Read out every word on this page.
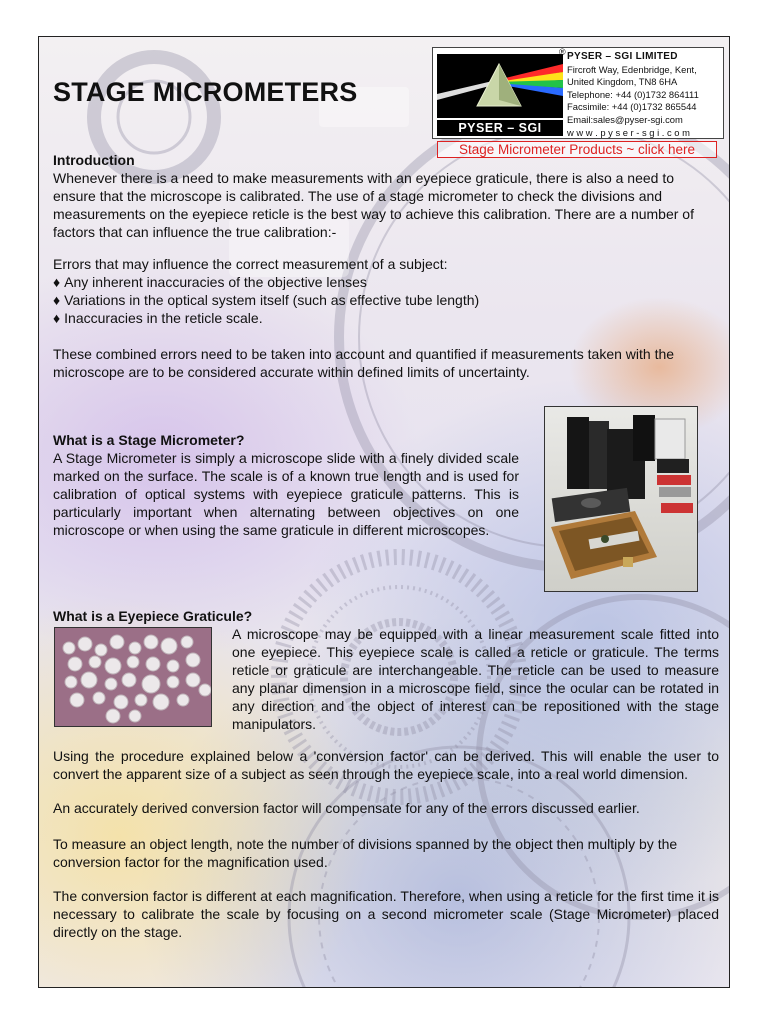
STAGE MICROMETERS
PYSER – SGI
® PYSER – SGI LIMITED
Fircroft Way, Edenbridge, Kent,
United Kingdom, TN8 6HA
Telephone: +44 (0)1732 864111
Facsimile: +44 (0)1732 865544
Email:sales@pyser-sgi.com
w w w . p y s e r - s g i . c o m
Stage Micrometer Products ~ click here
Introduction
Whenever there is a need to make measurements with an eyepiece graticule, there is also a need to ensure that the microscope is calibrated. The use of a stage micrometer to check the divisions and measurements on the eyepiece reticle is the best way to achieve this calibration. There are a number of factors that can influence the true calibration:-
Errors that may influence the correct measurement of a subject:
♦ Any inherent inaccuracies of the objective lenses
♦ Variations in the optical system itself (such as effective tube length)
♦ Inaccuracies in the reticle scale.
These combined errors need to be taken into account and quantified if measurements taken with the microscope are to be considered accurate within defined limits of uncertainty.
What is a Stage Micrometer?
A Stage Micrometer is simply a microscope slide with a finely divided scale marked on the surface. The scale is of a known true length and is used for calibration of optical systems with eyepiece graticule patterns. This is particularly important when alternating between objectives on one microscope or when using the same graticule in different microscopes.
What is a Eyepiece Graticule?
A microscope may be equipped with a linear measurement scale fitted into one eyepiece. This eyepiece scale is called a reticle or graticule. The terms reticle or graticule are interchangeable. The reticle can be used to measure any planar dimension in a microscope field, since the ocular can be rotated in any direction and the object of interest can be repositioned with the stage manipulators.
Using the procedure explained below a 'conversion factor' can be derived. This will enable the user to convert the apparent size of a subject as seen through the eyepiece scale, into a real world dimension.
An accurately derived conversion factor will compensate for any of the errors discussed earlier.
To measure an object length, note the number of divisions spanned by the object then multiply by the conversion factor for the magnification used.
The conversion factor is different at each magnification. Therefore, when using a reticle for the first time it is necessary to calibrate the scale by focusing on a second micrometer scale (Stage Micrometer) placed directly on the stage.
